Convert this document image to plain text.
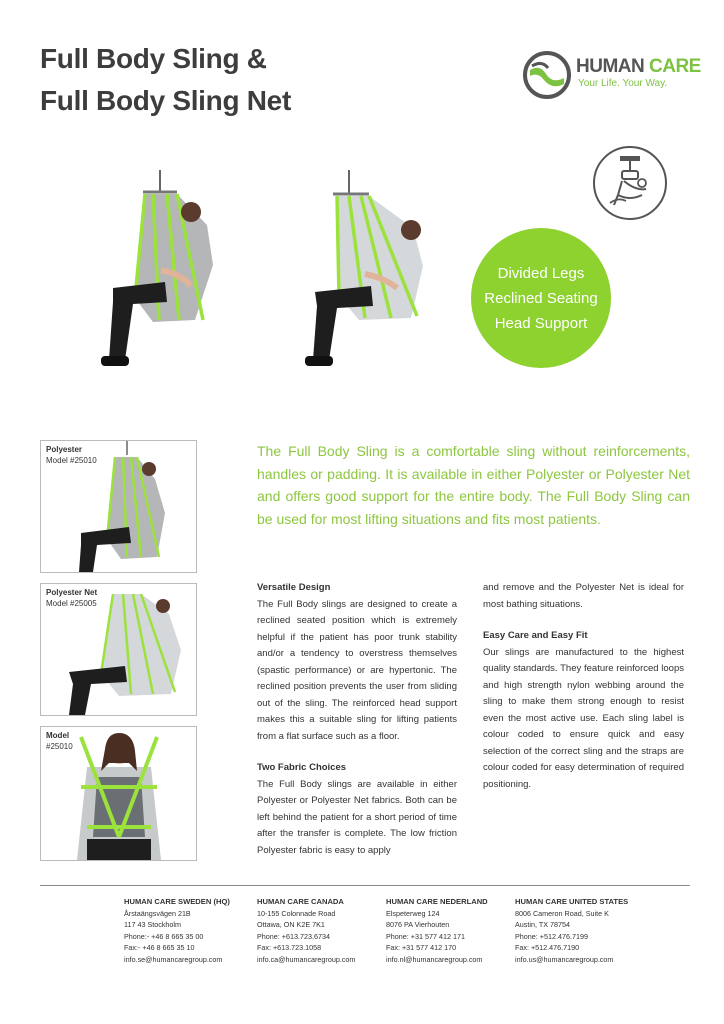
Full Body Sling &
Full Body Sling Net
HUMAN CARE
Your Life. Your Way.
Divided Legs
Reclined Seating
Head Support
Polyester
Model #25010
Polyester Net
Model #25005
Model
#25010
The Full Body Sling is a comfortable sling without reinforcements, handles or padding. It is available in either Polyester or Polyester Net and offers good support for the entire body. The Full Body Sling can be used for most lifting situations and fits most patients.
Versatile Design

The Full Body slings are designed to create a reclined seated position which is extremely helpful if the patient has poor trunk stability and/or a tendency to overstress themselves (spastic performance) or are hypertonic. The reclined position prevents the user from sliding out of the sling. The reinforced head support makes this a suitable sling for lifting patients from a flat surface such as a floor.

Two Fabric Choices

The Full Body slings are available in either Polyester or Polyester Net fabrics. Both can be left behind the patient for a short period of time after the transfer is complete. The low friction Polyester fabric is easy to apply

and remove and the Polyester Net is ideal for most bathing situations.

Easy Care and Easy Fit

Our slings are manufactured to the highest quality standards. They feature reinforced loops and high strength nylon webbing around the sling to make them strong enough to resist even the most active use. Each sling label is colour coded to ensure quick and easy selection of the correct sling and the straps are colour coded for easy determination of required positioning.

HUMAN CARE SWEDEN (HQ)
Årstaängsvägen 21B
117 43 Stockholm
Phone:- +46 8 665 35 00
Fax:- +46 8 665 35 10
info.se@humancaregroup.com
HUMAN CARE CANADA
10-155 Colonnade Road
Ottawa, ON K2E 7K1
Phone: +613.723.6734
Fax: +613.723.1058
info.ca@humancaregroup.com
HUMAN CARE NEDERLAND
Elspeterweg 124
8076 PA Vierhouten
Phone: +31 577 412 171
Fax: +31 577 412 170
info.nl@humancaregroup.com
HUMAN CARE UNITED STATES
8006 Cameron Road, Suite K
Austin, TX 78754
Phone: +512.476.7199
Fax: +512.476.7190
info.us@humancaregroup.com
